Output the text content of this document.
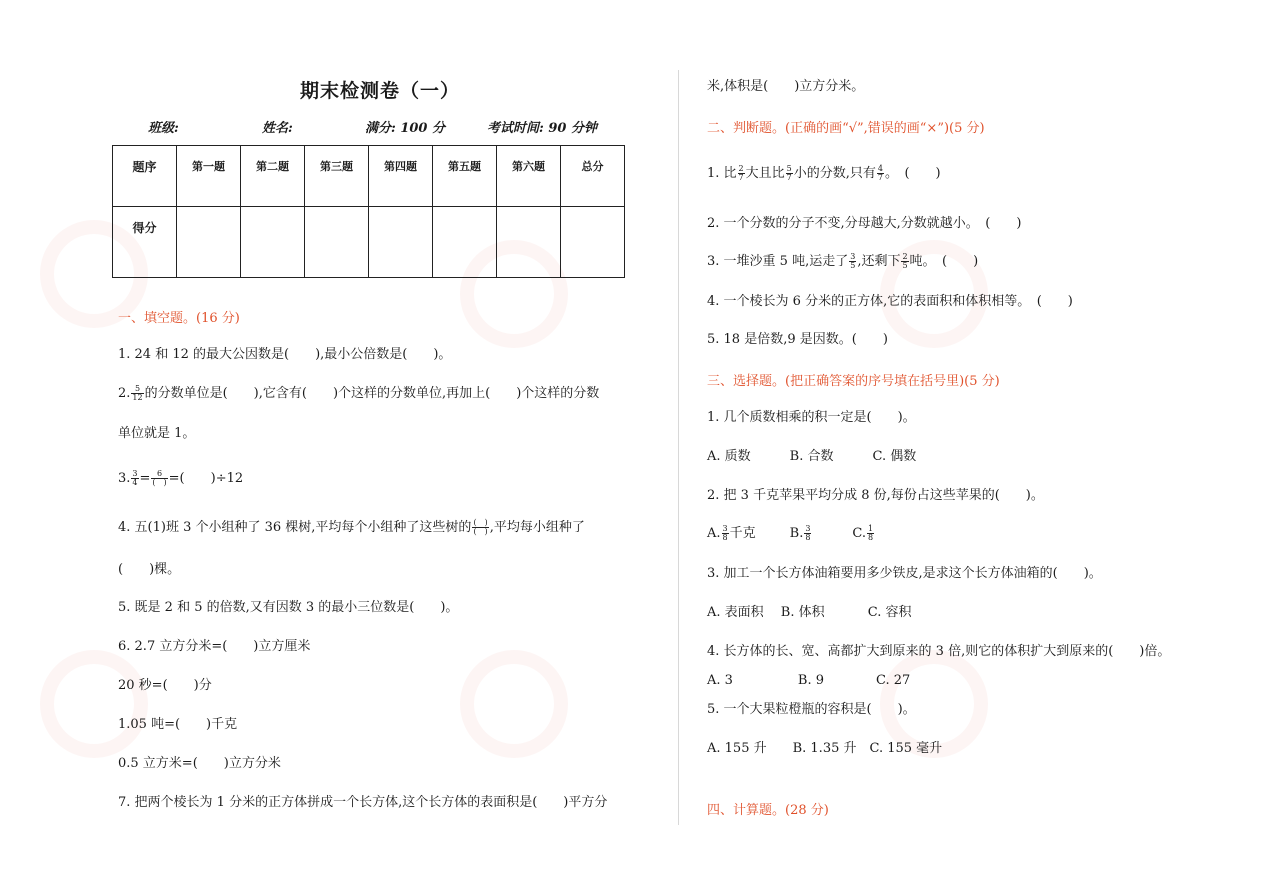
期末检测卷（一）
班级:	姓名:	满分: 100 分	考试时间: 90 分钟
题序	第一题	第二题	第三题	第四题	第五题	第六题	总分
得分							
一、填空题。(16 分)
1. 24 和 12 的最大公因数是(　　),最小公倍数是(　　)。
2. $\frac{5}{12}$ 的分数单位是(　　),它含有(　　)个这样的分数单位,再加上(　　)个这样的分数
单位就是 1。
3. $\frac{3}{4} = \frac{6}{( )}$ =(　　)÷12
4. 五(1)班 3 个小组种了 36 棵树,平均每个小组种了这些树的 $\frac{( )}{( )}$ ,平均每小组种了
(　　)棵。
5. 既是 2 和 5 的倍数,又有因数 3 的最小三位数是(　　)。
6. 2.7 立方分米=(　　)立方厘米
20 秒=(　　)分
1.05 吨=(　　)千克
0.5 立方米=(　　)立方分米
7. 把两个棱长为 1 分米的正方体拼成一个长方体,这个长方体的表面积是(　　)平方分
米,体积是(　　)立方分米。
二、判断题。(正确的画“√”,错误的画“×”)(5 分)
1. 比 $\frac{2}{7}$ 大且比 $\frac{5}{7}$ 小的分数,只有 $\frac{4}{7}$ 。　(　　)
2. 一个分数的分子不变,分母越大,分数就越小。　(　　)
3. 一堆沙重 5 吨,运走了 $\frac{3}{5}$ ,还剩下 $\frac{2}{5}$ 吨。　(　　)
4. 一个棱长为 6 分米的正方体,它的表面积和体积相等。　(　　)
5. 18 是倍数,9 是因数。(　　)
三、选择题。(把正确答案的序号填在括号里)(5 分)
1. 几个质数相乘的积一定是(　　)。
A. 质数　　　B. 合数　　　C. 偶数
2. 把 3 千克苹果平均分成 8 份,每份占这些苹果的(　　)。
A. $\frac{3}{8}$ 千克	B. $\frac{3}{8}$	C. $\frac{1}{8}$
3. 加工一个长方体油箱要用多少铁皮,是求这个长方体油箱的(　　)。
A. 表面积　 B. 体积　　　 C. 容积
4. 长方体的长、宽、高都扩大到原来的 3 倍,则它的体积扩大到原来的(　　)倍。
A. 3　　　　　B. 9　　　　C. 27
5. 一个大果粒橙瓶的容积是(　　)。
A. 155 升　　B. 1.35 升　C. 155 毫升
四、计算题。(28 分)
